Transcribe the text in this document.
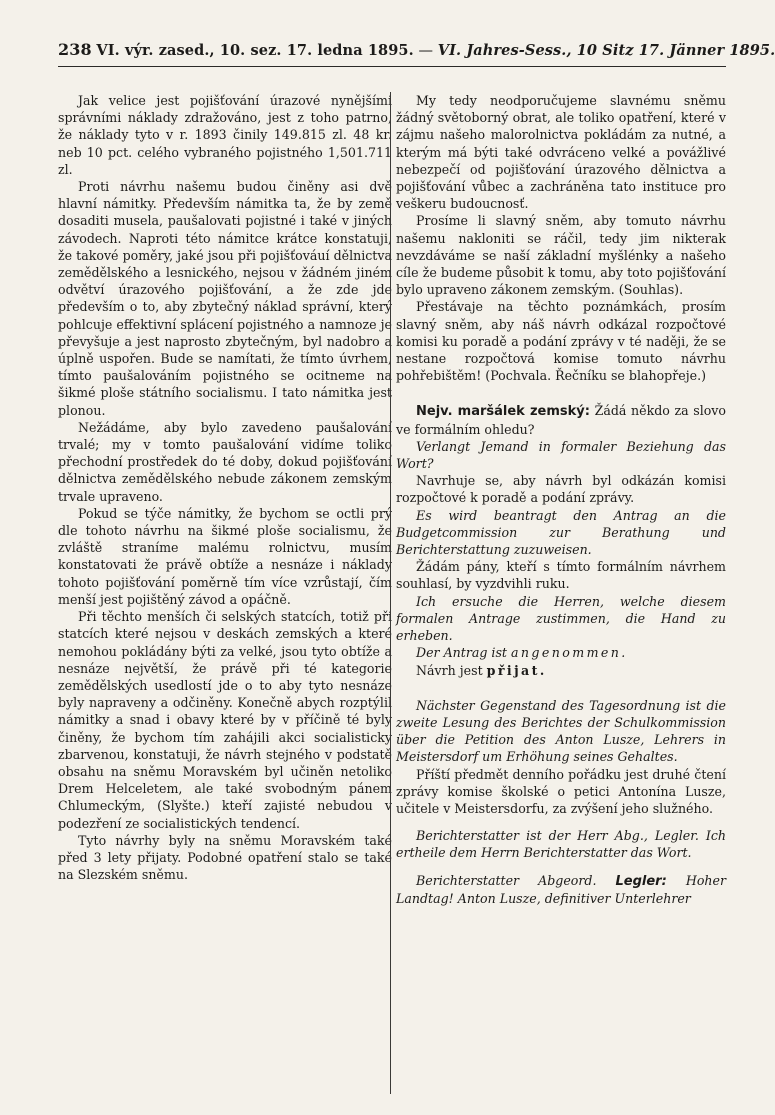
238 VI. výr. zased., 10. sez. 17. ledna 1895. — VI. Jahres-Sess., 10 Sitz 17. Jänner 1895.

Jak velice jest pojišťování úrazové nynějšími správními náklady zdražováno, jest z toho patrno, že náklady tyto v r. 1893 činily 149.815 zl. 48 kr. neb 10 pct. celého vybraného pojistného 1,501.711 zl.

Proti návrhu našemu budou činěny asi dvě hlavní námitky. Především námitka ta, že by země dosaditi musela, paušalovati pojistné i také v jiných závodech. Naproti této námitce krátce konstatuji, že takové poměry, jaké jsou při pojišťováuí dělnictva zemědělského a lesnického, nejsou v žádném jiném odvětví úrazového pojišťování, a že zde jde především o to, aby zbytečný náklad správní, který pohlcuje effektivní splácení pojistného a namnoze je převyšuje a jest naprosto zbytečným, byl nadobro a úplně uspořen. Bude se namítati, že tímto úvrhem, tímto paušalováním pojistného se ocitneme na šikmé ploše státního socialismu. I tato námitka jest plonou.

Nežádáme, aby bylo zavedeno paušalování trvalé; my v tomto paušalování vidíme toliko přechodní prostředek do té doby, dokud pojišťování dělnictva zemědělského nebude zákonem zemským trvale upraveno.

Pokud se týče námitky, že bychom se octli prý dle tohoto návrhu na šikmé ploše socialismu, že zvláště straníme malému rolnictvu, musím konstatovati že právě obtíže a nesnáze i náklady tohoto pojišťování poměrně tím více vzrůstají, čím menší jest pojištěný závod a opáčně.

Při těchto menších či selských statcích, totiž při statcích které nejsou v deskách zemských a které nemohou pokládány býti za velké, jsou tyto obtíže a nesnáze největší, že právě při té kategorie zemědělských usedlostí jde o to aby tyto nesnáze byly napraveny a odčiněny. Konečně abych rozptýlil námitky a snad i obavy které by v příčině té byly činěny, že bychom tím zahájili akci socialisticky zbarvenou, konstatuji, že návrh stejného v podstatě obsahu na sněmu Moravském byl učiněn netoliko Drem Helceletem, ale také svobodným pánem Chlumeckým, (Slyšte.) kteří zajisté nebudou v podezření ze socialistických tendencí.

Tyto návrhy byly na sněmu Moravském také před 3 lety přijaty. Podobné opatření stalo se také na Slezském sněmu.

My tedy neodporučujeme slavnému sněmu žádný světoborný obrat, ale toliko opatření, které v zájmu našeho malorolnictva pokládám za nutné, a kterým má býti také odvráceno velké a povážlivé nebezpečí od pojišťování úrazového dělnictva a pojišťování vůbec a zachráněna tato instituce pro veškeru budoucnosť.

Prosíme li slavný sněm, aby tomuto návrhu našemu nakloniti se ráčil, tedy jim nikterak nevzdáváme se naší základní myšlénky a našeho cíle že budeme působit k tomu, aby toto pojišťování bylo upraveno zákonem zemským. (Souhlas).

Přestávaje na těchto poznámkách, prosím slavný sněm, aby náš návrh odkázal rozpočtové komisi ku poradě a podání zprávy v té naději, že se nestane rozpočtová komise tomuto návrhu pohřebištěm! (Pochvala. Řečníku se blahopřeje.)

Nejv. maršálek zemský: Žádá někdo za slovo ve formálním ohledu?

Verlangt Jemand in formaler Beziehung das Wort?

Navrhuje se, aby návrh byl odkázán komisi rozpočtové k poradě a podání zprávy.

Es wird beantragt den Antrag an die Budgetcommission zur Berathung und Berichterstattung zuzuweisen.

Žádám pány, kteří s tímto formálním návrhem souhlasí, by vyzdvihli ruku.

Ich ersuche die Herren, welche diesem formalen Antrage zustimmen, die Hand zu erheben.

Der Antrag ist angenommen.

Návrh jest přijat.

Nächster Gegenstand des Tagesordnung ist die zweite Lesung des Berichtes der Schulkommission über die Petition des Anton Lusze, Lehrers in Meistersdorf um Erhöhung seines Gehaltes.

Příští předmět denního pořádku jest druhé čtení zprávy komise školské o petici Antonína Lusze, učitele v Meistersdorfu, za zvýšení jeho služného.

Berichterstatter ist der Herr Abg., Legler. Ich ertheile dem Herrn Berichterstatter das Wort.

Berichterstatter Abgeord. Legler: Hoher Landtag! Anton Lusze, definitiver Unterlehrer
